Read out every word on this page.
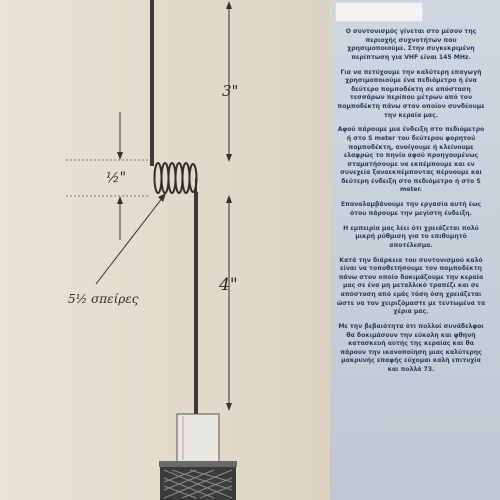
3"
½"
4"
5½ σπείρες

Ο συντονισμός γίνεται στο μέσον της περιοχής συχνοτήτων που χρησιμοποιούμε. Στην συγκεκριμένη περίπτωση για VHF είναι 145 MHz.

Για να πετύχουμε την καλύτερη επαγωγή χρησιμοποιούμε ένα πεδιόμετρο ή ένα δεύτερο πομποδέκτη σε απόσταση τεσσάρων περίπου μέτρων από τον πομποδέκτη πάνω στον οποίον συνδέουμε την κεραία μας.

Αφού πάρουμε μια ένδειξη στο πεδιόμετρο ή στο S meter του δεύτερου φορητού πομποδέκτη, ανοίγουμε ή κλείνουμε ελαφρώς το πηνίο αφού προηγουμένως σταματήσουμε να εκπέμπουμε και εν συνεχεία ξαναεκπέμποντας πέρνουμε και δεύτερη ένδειξη στο πεδιόμετρο ή στο S meter.

Επαναλαμβάνουμε την εργασία αυτή έως ότου πάρουμε την μεγίστη ένδειξη.

Η εμπειρία μας λέει ότι χρειάζεται πολύ μικρή ρύθμιση για το επιθυμητό αποτέλεσμα.

Κατά την διάρκεια του συντονισμού καλό είναι να τοποθετήσουμε τον πομποδέκτη πάνω στον οποίο δοκιμάζουμε την κεραία μας σε ένα μη μεταλλικό τραπέζι και σε απόσταση από εμάς τόση όση χρειάζεται ώστε να τον χειριζόμαστε με τεντωμένα τα χέρια μας.

Με την βεβαιότητα ότι πολλοί συνάδελφοι θα δοκιμάσουν την εύκολη και φθηνή κατασκευή αυτής της κεραίας και θα πάρουν την ικανοποίηση μιας καλύτερης μακρυνής επαφής εύχομαι καλή επιτυχία και πολλά 73.
